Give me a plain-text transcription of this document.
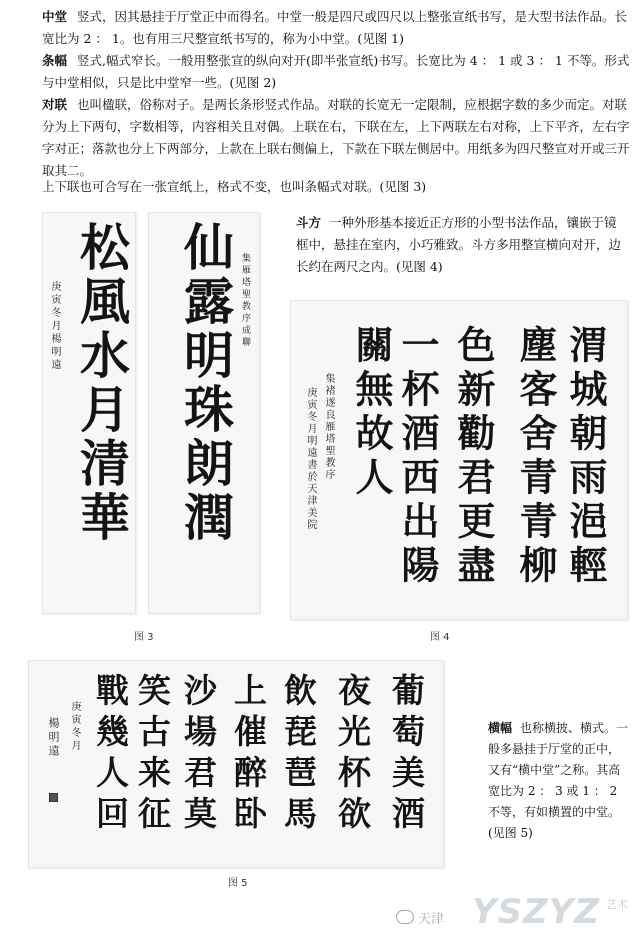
中堂 竖式，因其悬挂于厅堂正中而得名。中堂一般是四尺或四尺以上整张宣纸书写，是大型书法作品。长宽比为 2 ： 1。也有用三尺整宣纸书写的，称为小中堂。(见图 1)

条幅 竖式,幅式窄长。一般用整张宣的纵向对开(即半张宣纸)书写。长宽比为 4 ： 1 或 3 ： 1 不等。形式与中堂相似，只是比中堂窄一些。(见图 2)

对联 也叫楹联，俗称对子。是两长条形竖式作品。对联的长宽无一定限制，应根据字数的多少而定。对联分为上下两句，字数相等，内容相关且对偶。上联在右，下联在左，上下两联左右对称，上下平齐，左右字字对正；落款也分上下两部分，上款在上联右侧偏上，下款在下联左侧居中。用纸多为四尺整宣对开或三开取其二。

上下联也可合写在一张宣纸上，格式不变，也叫条幅式对联。(见图 3)

松風水月清華
庚寅冬月楊明遠 仙露明珠朗潤 集雁塔聖教序成聯
图 3

斗方 一种外形基本接近正方形的小型书法作品，镶嵌于镜框中，悬挂在室内，小巧雅致。斗方多用整宣横向对开，边长约在两尺之内。(见图 4)

渭城朝雨浥輕
塵客舍青青柳
色新勸君更盡
一杯酒西出陽
關無故人
集褚遂良雁塔聖教序
庚寅冬月明遠書於天津美院
图 4
葡萄美酒
夜光杯欲
飲琵琶馬
上催醉卧
沙場君莫
笑古来征
戰幾人回
庚寅冬月
楊明遠
图 5

横幅 也称横披、横式。一般多悬挂于厅堂的正中，又有“横中堂”之称。其高宽比为 2 ： 3 或 1 ： 2 不等，有如横置的中堂。(见图 5)

天津 YSZYZ 艺术
